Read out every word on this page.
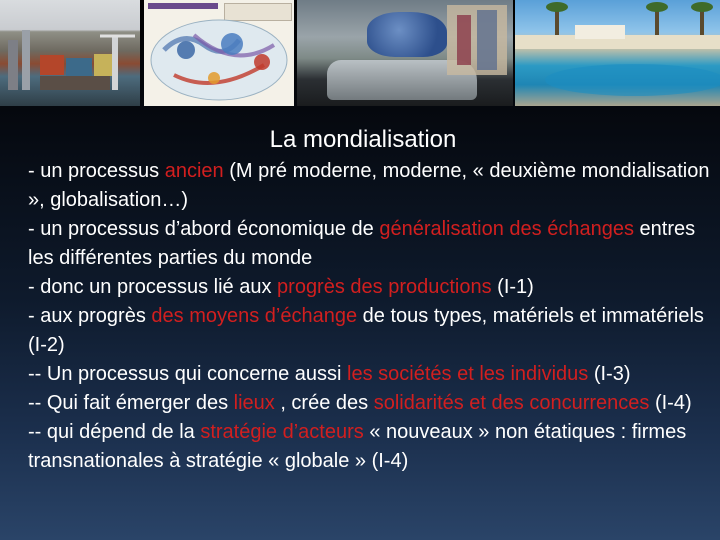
La mondialisation

- un processus ancien (M pré moderne, moderne, « deuxième mondialisation », globalisation…)

- un processus d’abord économique de généralisation des échanges entres les différentes parties du monde

- donc un processus lié aux progrès des productions (I-1)

- aux progrès des moyens d’échange de tous types, matériels et immatériels (I-2)

-- Un processus qui concerne aussi les sociétés et les individus (I-3)

-- Qui fait émerger des lieux , crée des solidarités et des concurrences (I-4)

-- qui dépend de la stratégie d’acteurs « nouveaux » non étatiques : firmes transnationales à stratégie « globale » (I-4)
